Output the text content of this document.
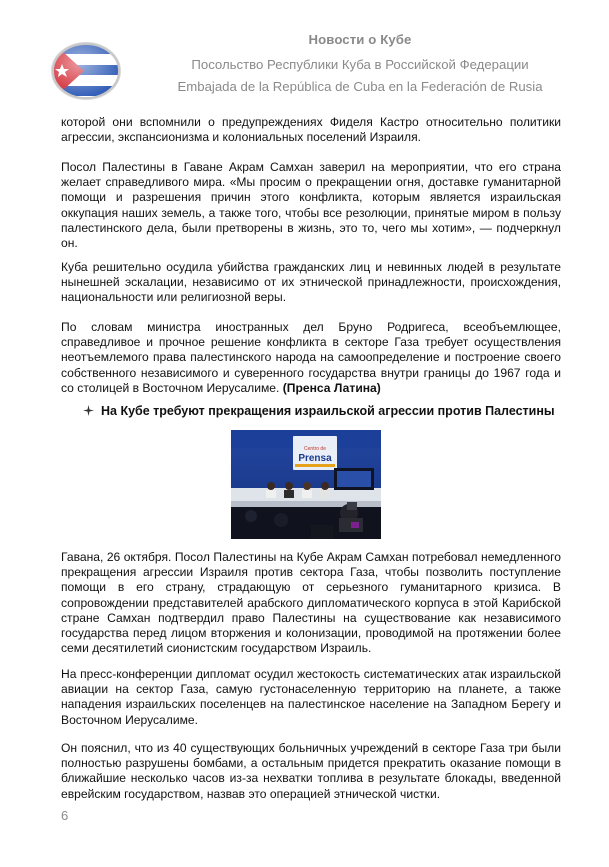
Новости о Кубе
Посольство Республики Куба в Российской Федерации
Embajada de la República de Cuba en la Federación de Rusia

которой они вспомнили о предупреждениях Фиделя Кастро относительно политики агрессии, экспансионизма и колониальных поселений Израиля.

Посол Палестины в Гаване Акрам Самхан заверил на мероприятии, что его страна желает справедливого мира. «Мы просим о прекращении огня, доставке гуманитарной помощи и разрешения причин этого конфликта, которым является израильская оккупация наших земель, а также того, чтобы все резолюции, принятые миром в пользу палестинского дела, были претворены в жизнь, это то, чего мы хотим», — подчеркнул он.

Куба решительно осудила убийства гражданских лиц и невинных людей в результате нынешней эскалации, независимо от их этнической принадлежности, происхождения, национальности или религиозной веры.

По словам министра иностранных дел Бруно Родригеса, всеобъемлющее, справедливое и прочное решение конфликта в секторе Газа требует осуществления неотъемлемого права палестинского народа на самоопределение и построение своего собственного независимого и суверенного государства внутри границы до 1967 года и со столицей в Восточном Иерусалиме. (Пренса Латина)

На Кубе требуют прекращения израильской агрессии против Палестины
Centro de
Prensa

Гавана, 26 октября. Посол Палестины на Кубе Акрам Самхан потребовал немедленного прекращения агрессии Израиля против сектора Газа, чтобы позволить поступление помощи в его страну, страдающую от серьезного гуманитарного кризиса. В сопровождении представителей арабского дипломатического корпуса в этой Карибской стране Самхан подтвердил право Палестины на существование как независимого государства перед лицом вторжения и колонизации, проводимой на протяжении более семи десятилетий сионистским государством Израиль.

На пресс-конференции дипломат осудил жестокость систематических атак израильской авиации на сектор Газа, самую густонаселенную территорию на планете, а также нападения израильских поселенцев на палестинское население на Западном Берегу и Восточном Иерусалиме.

Он пояснил, что из 40 существующих больничных учреждений в секторе Газа три были полностью разрушены бомбами, а остальным придется прекратить оказание помощи в ближайшие несколько часов из-за нехватки топлива в результате блокады, введенной еврейским государством, назвав это операцией этнической чистки.

6
